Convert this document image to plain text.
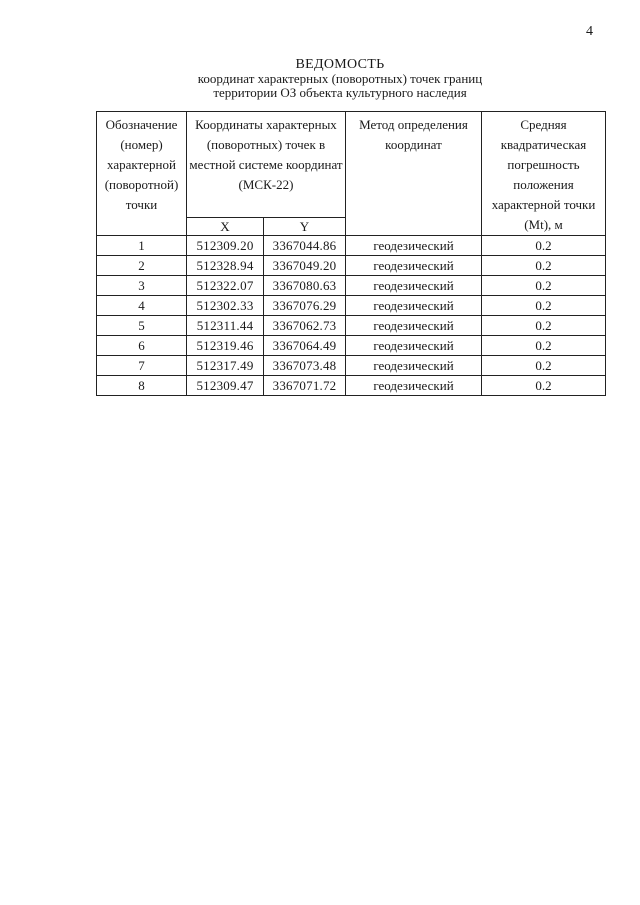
4
ВЕДОМОСТЬ
координат характерных (поворотных) точек границ
территории ОЗ объекта культурного наследия
Обозначение (номер) характерной (поворотной) точки	Координаты характерных (поворотных) точек в местной системе координат (МСК-22)		Метод определения координат	Средняя квадратическая погрешность положения характерной точки (Mt), м
	X	Y		
1	512309.20	3367044.86	геодезический	0.2
2	512328.94	3367049.20	геодезический	0.2
3	512322.07	3367080.63	геодезический	0.2
4	512302.33	3367076.29	геодезический	0.2
5	512311.44	3367062.73	геодезический	0.2
6	512319.46	3367064.49	геодезический	0.2
7	512317.49	3367073.48	геодезический	0.2
8	512309.47	3367071.72	геодезический	0.2
